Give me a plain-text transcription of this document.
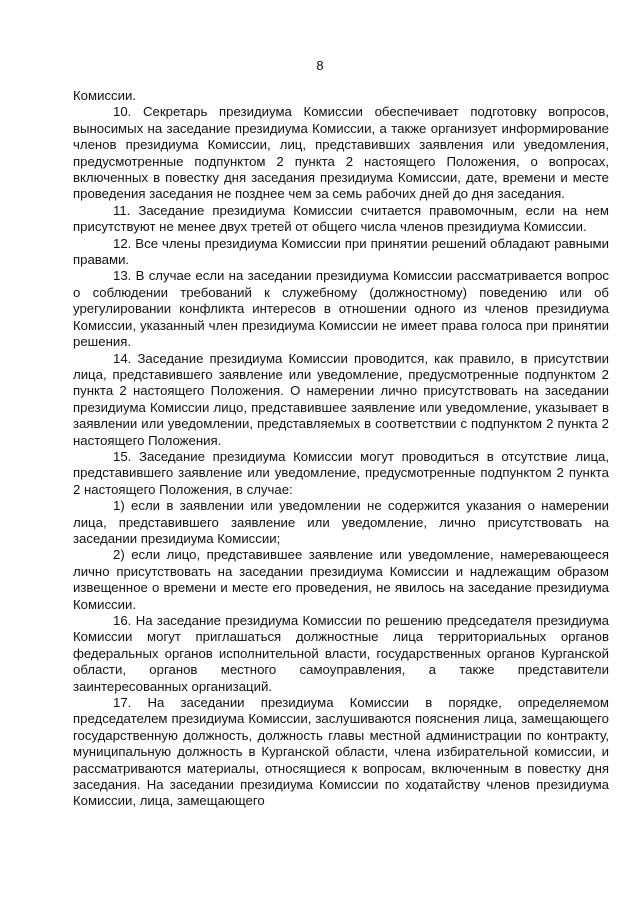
8

Комиссии.

10. Секретарь президиума Комиссии обеспечивает подготовку вопросов, выносимых на заседание президиума Комиссии, а также организует информирование членов президиума Комиссии, лиц, представивших заявления или уведомления, предусмотренные подпунктом 2 пункта 2 настоящего Положения, о вопросах, включенных в повестку дня заседания президиума Комиссии, дате, времени и месте проведения заседания не позднее чем за семь рабочих дней до дня заседания.

11. Заседание президиума Комиссии считается правомочным, если на нем присутствуют не менее двух третей от общего числа членов президиума Комиссии.

12. Все члены президиума Комиссии при принятии решений обладают равными правами.

13. В случае если на заседании президиума Комиссии рассматривается вопрос о соблюдении требований к служебному (должностному) поведению или об урегулировании конфликта интересов в отношении одного из членов президиума Комиссии, указанный член президиума Комиссии не имеет права голоса при принятии решения.

14. Заседание президиума Комиссии проводится, как правило, в присутствии лица, представившего заявление или уведомление, предусмотренные подпунктом 2 пункта 2 настоящего Положения. О намерении лично присутствовать на заседании президиума Комиссии лицо, представившее заявление или уведомление, указывает в заявлении или уведомлении, представляемых в соответствии с подпунктом 2 пункта 2 настоящего Положения.

15. Заседание президиума Комиссии могут проводиться в отсутствие лица, представившего заявление или уведомление, предусмотренные подпунктом 2 пункта 2 настоящего Положения, в случае:

1) если в заявлении или уведомлении не содержится указания о намерении лица, представившего заявление или уведомление, лично присутствовать на заседании президиума Комиссии;

2) если лицо, представившее заявление или уведомление, намеревающееся лично присутствовать на заседании президиума Комиссии и надлежащим образом извещенное о времени и месте его проведения, не явилось на заседание президиума Комиссии.

16. На заседание президиума Комиссии по решению председателя президиума Комиссии могут приглашаться должностные лица территориальных органов федеральных органов исполнительной власти, государственных органов Курганской области, органов местного самоуправления, а также представители заинтересованных организаций.

17. На заседании президиума Комиссии в порядке, определяемом председателем президиума Комиссии, заслушиваются пояснения лица, замещающего государственную должность, должность главы местной администрации по контракту, муниципальную должность в Курганской области, члена избирательной комиссии, и рассматриваются материалы, относящиеся к вопросам, включенным в повестку дня заседания. На заседании президиума Комиссии по ходатайству членов президиума Комиссии, лица, замещающего
